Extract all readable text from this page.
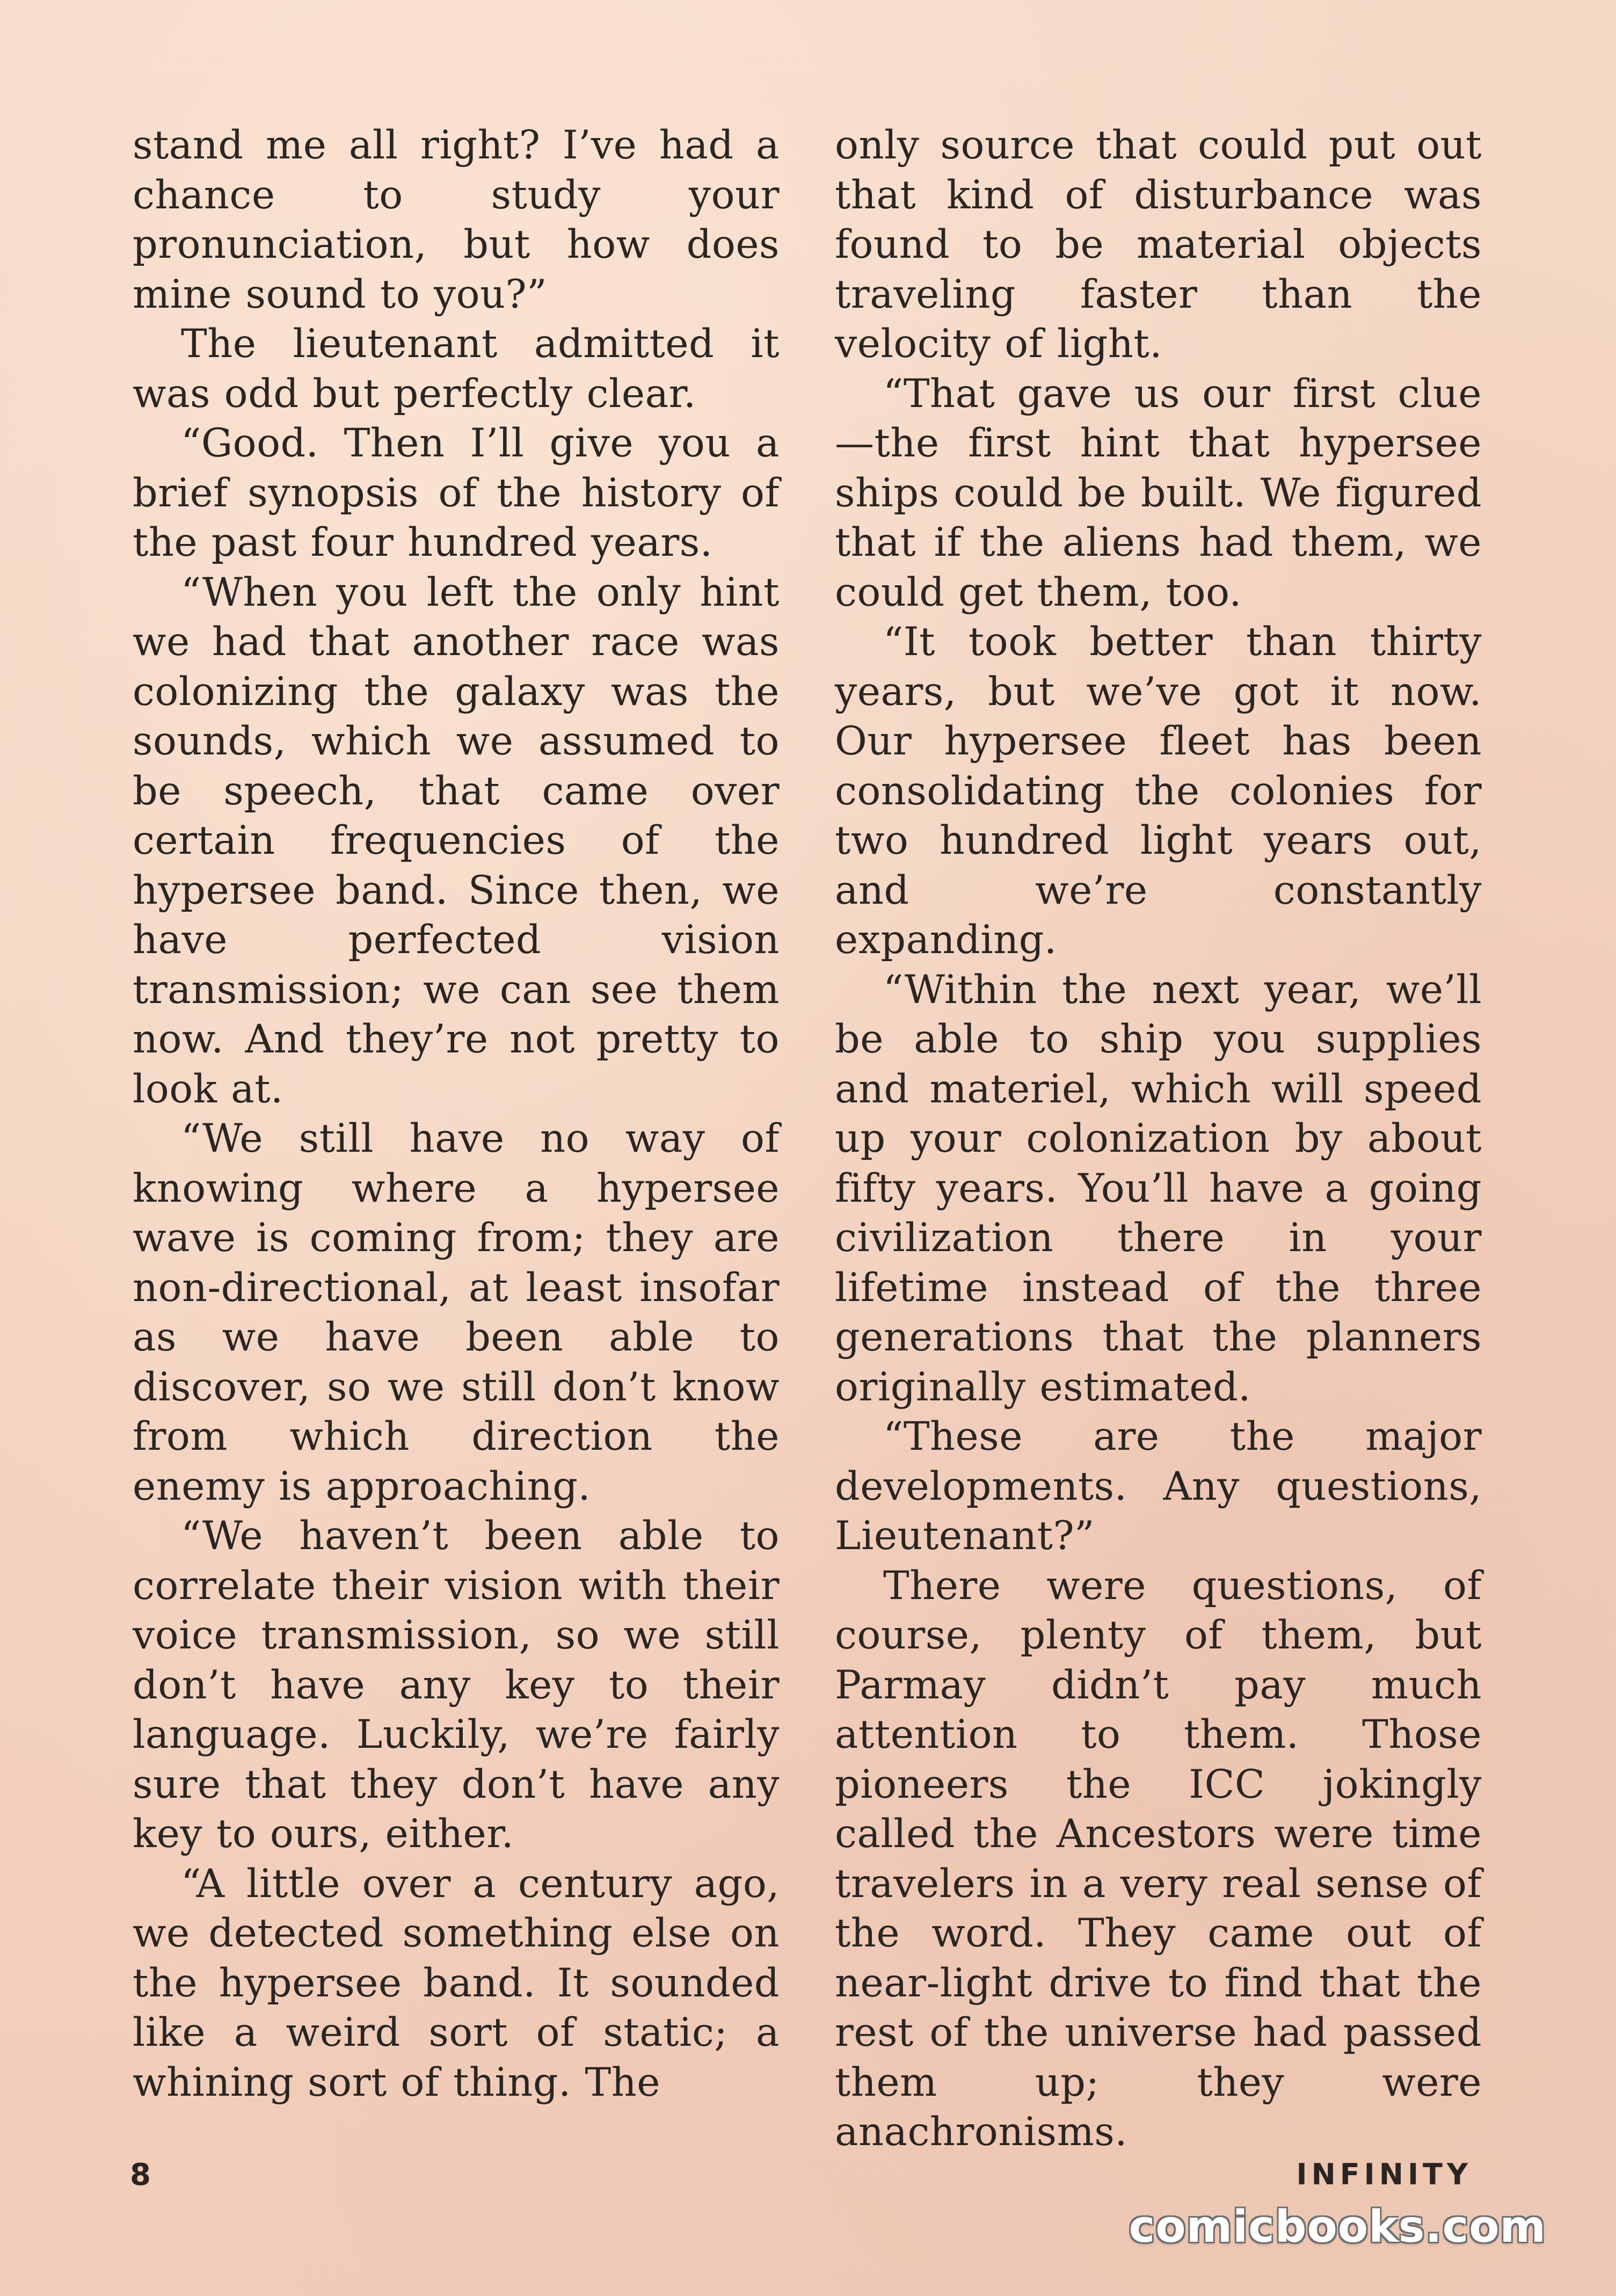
stand me all right? I’ve had a chance to study your pronunciation, but how does mine sound to you?”

The lieutenant admitted it was odd but perfectly clear.

“Good. Then I’ll give you a brief synopsis of the history of the past four hundred years.

“When you left the only hint we had that another race was colonizing the galaxy was the sounds, which we assumed to be speech, that came over certain frequencies of the hypersee band. Since then, we have perfected vision transmission; we can see them now. And they’re not pretty to look at.

“We still have no way of knowing where a hypersee wave is coming from; they are non-directional, at least insofar as we have been able to discover, so we still don’t know from which direction the enemy is approaching.

“We haven’t been able to correlate their vision with their voice transmission, so we still don’t have any key to their language. Luckily, we’re fairly sure that they don’t have any key to ours, either.

“A little over a century ago, we detected something else on the hypersee band. It sounded like a weird sort of static; a whining sort of thing. The

only source that could put out that kind of disturbance was found to be material objects traveling faster than the velocity of light.

“That gave us our first clue —the first hint that hypersee ships could be built. We figured that if the aliens had them, we could get them, too.

“It took better than thirty years, but we’ve got it now. Our hypersee fleet has been consolidating the colonies for two hundred light years out, and we’re constantly expanding.

“Within the next year, we’ll be able to ship you supplies and materiel, which will speed up your colonization by about fifty years. You’ll have a going civilization there in your lifetime instead of the three generations that the planners originally estimated.

“These are the major developments. Any questions, Lieutenant?”

There were questions, of course, plenty of them, but Parmay didn’t pay much attention to them. Those pioneers the ICC jokingly called the Ancestors were time travelers in a very real sense of the word. They came out of near-light drive to find that the rest of the universe had passed them up; they were anachronisms.

8	INFINITY
comicbooks.com
